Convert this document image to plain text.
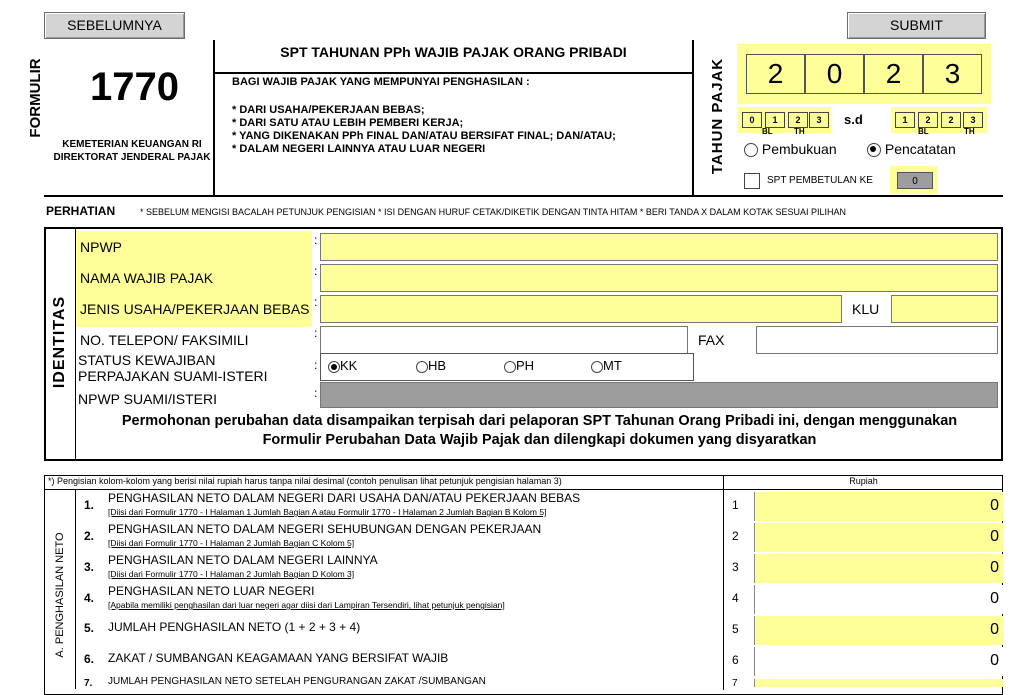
SEBELUMNYA	SUBMIT
FORMULIR	1770
KEMETERIAN KEUANGAN RI
DIREKTORAT JENDERAL PAJAK
SPT TAHUNAN PPh WAJIB PAJAK ORANG PRIBADI
BAGI WAJIB PAJAK YANG MEMPUNYAI PENGHASILAN :
* DARI USAHA/PEKERJAAN BEBAS;
* DARI SATU ATAU LEBIH PEMBERI KERJA;
* YANG DIKENAKAN PPh FINAL DAN/ATAU BERSIFAT FINAL; DAN/ATAU;
* DALAM NEGERI LAINNYA ATAU LUAR NEGERI	TAHUN PAJAK	2	0	2	3
0	1	2	3
BL	TH
s.d	1	2	2	3
BL	TH
Pembukuan	Pencatatan
SPT PEMBETULAN KE	0
PERHATIAN	* SEBELUM MENGISI BACALAH PETUNJUK PENGISIAN * ISI DENGAN HURUF CETAK/DIKETIK DENGAN TINTA HITAM * BERI TANDA X DALAM KOTAK SESUAI PILIHAN
IDENTITAS
NPWP	:
NAMA WAJIB PAJAK	:
JENIS USAHA/PEKERJAAN BEBAS :	KLU
NO. TELEPON/ FAKSIMILI	:	FAX
STATUS KEWAJIBAN
PERPAJAKAN SUAMI-ISTERI
:	KK	HB	PH	MT
NPWP SUAMI/ISTERI	:
Permohonan perubahan data disampaikan terpisah dari pelaporan SPT Tahunan Orang Pribadi ini, dengan menggunakan
Formulir Perubahan Data Wajib Pajak dan dilengkapi dokumen yang disyaratkan
*) Pengisian kolom-kolom yang berisi nilai rupiah harus tanpa nilai desimal (contoh penulisan lihat petunjuk pengisian halaman 3)	Rupiah
A. PENGHASILAN NETO
1. PENGHASILAN NETO DALAM NEGERI DARI USAHA DAN/ATAU PEKERJAAN BEBAS
[Diisi dari Formulir 1770 - I Halaman 1 Jumlah Bagian A atau Formulir 1770 - I Halaman 2 Jumlah Bagian B Kolom 5]	1	0
2. PENGHASILAN NETO DALAM NEGERI SEHUBUNGAN DENGAN PEKERJAAN
[Diisi dari Formulir 1770 - I Halaman 2 Jumlah Bagian C Kolom 5]	2	0
3. PENGHASILAN NETO DALAM NEGERI LAINNYA
[Diisi dari Formulir 1770 - I Halaman 2 Jumlah Bagian D Kolom 3]	3	0
4. PENGHASILAN NETO LUAR NEGERI
[Apabila memiliki penghasilan dari luar negeri agar diisi dari Lampiran Tersendiri, lihat petunjuk pengisian]	4	0
5. JUMLAH PENGHASILAN NETO (1 + 2 + 3 + 4)	5	0
6. ZAKAT / SUMBANGAN KEAGAMAAN YANG BERSIFAT WAJIB	6	0
7. JUMLAH PENGHASILAN NETO SETELAH PENGURANGAN ZAKAT /SUMBANGAN	7
